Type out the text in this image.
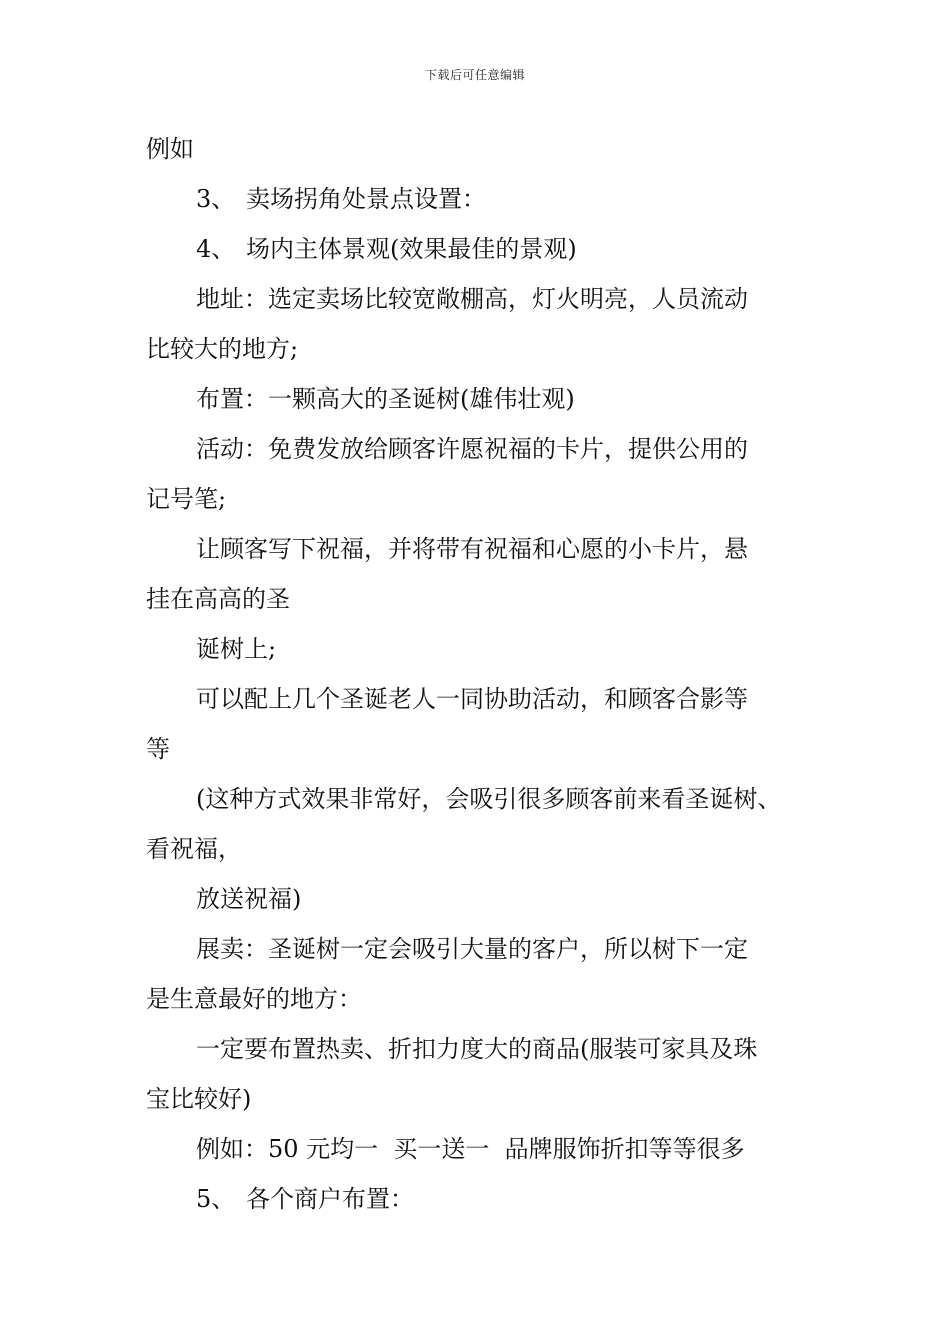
下载后可任意编辑
例如
3、 卖场拐角处景点设置：
4、 场内主体景观(效果最佳的景观)
地址：选定卖场比较宽敞棚高，灯火明亮，人员流动
比较大的地方;
布置：一颗高大的圣诞树(雄伟壮观)
活动：免费发放给顾客许愿祝福的卡片，提供公用的
记号笔;
让顾客写下祝福，并将带有祝福和心愿的小卡片，悬
挂在高高的圣
诞树上;
可以配上几个圣诞老人一同协助活动，和顾客合影等
等
(这种方式效果非常好，会吸引很多顾客前来看圣诞树、
看祝福，
放送祝福)
展卖：圣诞树一定会吸引大量的客户，所以树下一定
是生意最好的地方：
一定要布置热卖、折扣力度大的商品(服装可家具及珠
宝比较好)
例如：50 元均一  买一送一  品牌服饰折扣等等很多
5、 各个商户布置：
